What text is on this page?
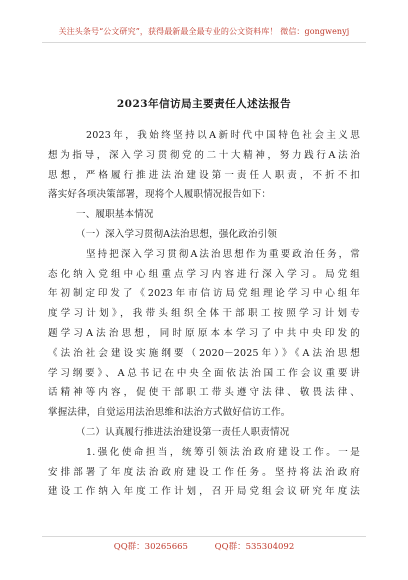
关注头条号“公文研究”，获得最新最全最专业的公文资料库！ 微信：gongwenyj
2023年信访局主要责任人述法报告
2023年，我始终坚持以A新时代中国特色社会主义思
想为指导，深入学习贯彻党的二十大精神，努力践行A法治
思想，严格履行推进法治建设第一责任人职责，不折不扣
落实好各项决策部署，现将个人履职情况报告如下：
一、履职基本情况
（一）深入学习贯彻A法治思想，强化政治引领
坚持把深入学习贯彻A法治思想作为重要政治任务，常
态化纳入党组中心组重点学习内容进行深入学习。局党组
年初制定印发了《2023年市信访局党组理论学习中心组年
度学习计划》，我带头组织全体干部职工按照学习计划专
题学习A法治思想，同时原原本本学习了中共中央印发的
《法治社会建设实施纲要（2020－2025年）》《A法治思想
学习纲要》、A总书记在中央全面依法治国工作会议重要讲
话精神等内容，促使干部职工带头遵守法律、敬畏法律、
掌握法律，自觉运用法治思维和法治方式做好信访工作。
（二）认真履行推进法治建设第一责任人职责情况
1.强化使命担当，统筹引领法治政府建设工作。一是
安排部署了年度法治政府建设工作任务。坚持将法治政府
建设工作纳入年度工作计划，召开局党组会议研究年度法
QQ群：30265665	QQ群：535304092
